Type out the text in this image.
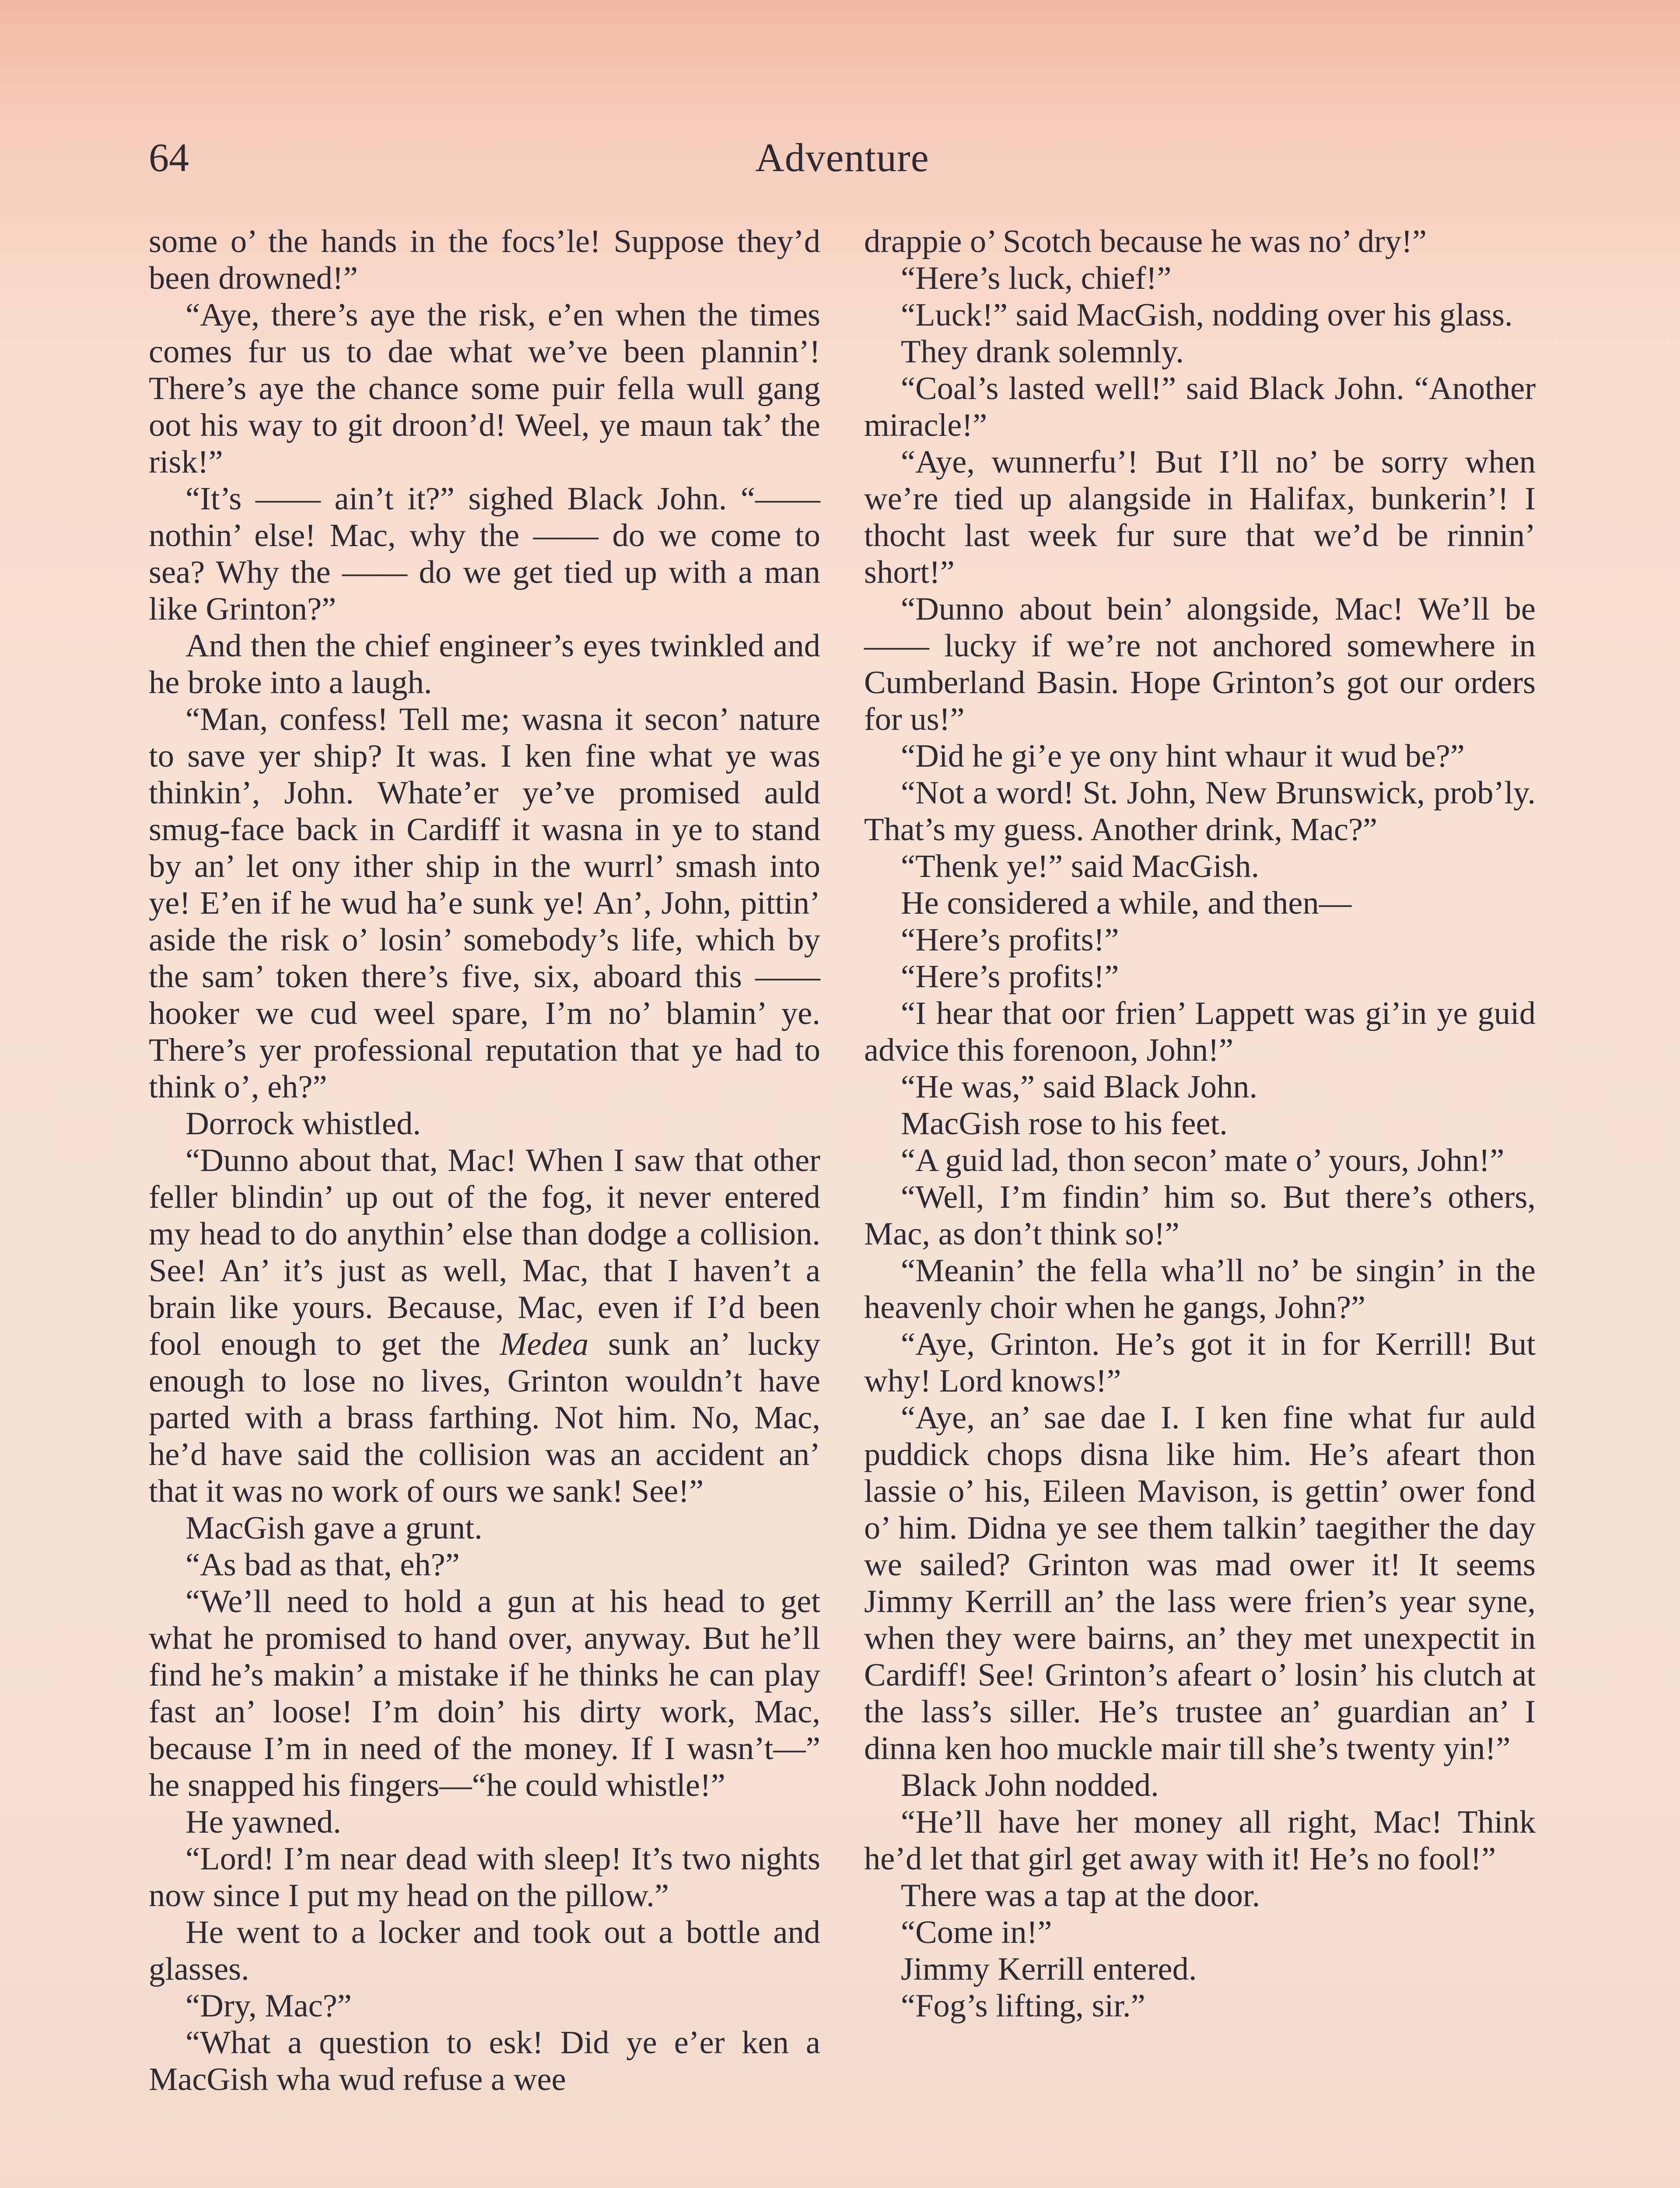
64	Adventure

some o’ the hands in the focs’le! Suppose they’d been drowned!”

“Aye, there’s aye the risk, e’en when the times comes fur us to dae what we’ve been plannin’! There’s aye the chance some puir fella wull gang oot his way to git droon’d! Weel, ye maun tak’ the risk!”

“It’s —— ain’t it?” sighed Black John. “—— nothin’ else! Mac, why the —— do we come to sea? Why the —— do we get tied up with a man like Grinton?”

And then the chief engineer’s eyes twinkled and he broke into a laugh.

“Man, confess! Tell me; wasna it secon’ nature to save yer ship? It was. I ken fine what ye was thinkin’, John. Whate’er ye’ve promised auld smug-face back in Cardiff it wasna in ye to stand by an’ let ony ither ship in the wurrl’ smash into ye! E’en if he wud ha’e sunk ye! An’, John, pittin’ aside the risk o’ losin’ somebody’s life, which by the sam’ token there’s five, six, aboard this —— hooker we cud weel spare, I’m no’ blamin’ ye. There’s yer professional reputation that ye had to think o’, eh?”

Dorrock whistled.

“Dunno about that, Mac! When I saw that other feller blindin’ up out of the fog, it never entered my head to do anythin’ else than dodge a collision. See! An’ it’s just as well, Mac, that I haven’t a brain like yours. Because, Mac, even if I’d been fool enough to get the Medea sunk an’ lucky enough to lose no lives, Grinton wouldn’t have parted with a brass farthing. Not him. No, Mac, he’d have said the collision was an accident an’ that it was no work of ours we sank! See!”

MacGish gave a grunt.

“As bad as that, eh?”

“We’ll need to hold a gun at his head to get what he promised to hand over, anyway. But he’ll find he’s makin’ a mistake if he thinks he can play fast an’ loose! I’m doin’ his dirty work, Mac, because I’m in need of the money. If I wasn’t—” he snapped his fingers—“he could whistle!”

He yawned.

“Lord! I’m near dead with sleep! It’s two nights now since I put my head on the pillow.”

He went to a locker and took out a bottle and glasses.

“Dry, Mac?”

“What a question to esk! Did ye e’er ken a MacGish wha wud refuse a wee

drappie o’ Scotch because he was no’ dry!”

“Here’s luck, chief!”

“Luck!” said MacGish, nodding over his glass.

They drank solemnly.

“Coal’s lasted well!” said Black John. “Another miracle!”

“Aye, wunnerfu’! But I’ll no’ be sorry when we’re tied up alangside in Halifax, bunkerin’! I thocht last week fur sure that we’d be rinnin’ short!”

“Dunno about bein’ alongside, Mac! We’ll be —— lucky if we’re not anchored somewhere in Cumberland Basin. Hope Grinton’s got our orders for us!”

“Did he gi’e ye ony hint whaur it wud be?”

“Not a word! St. John, New Brunswick, prob’ly. That’s my guess. Another drink, Mac?”

“Thenk ye!” said MacGish.

He considered a while, and then—

“Here’s profits!”

“Here’s profits!”

“I hear that oor frien’ Lappett was gi’in ye guid advice this forenoon, John!”

“He was,” said Black John.

MacGish rose to his feet.

“A guid lad, thon secon’ mate o’ yours, John!”

“Well, I’m findin’ him so. But there’s others, Mac, as don’t think so!”

“Meanin’ the fella wha’ll no’ be singin’ in the heavenly choir when he gangs, John?”

“Aye, Grinton. He’s got it in for Kerrill! But why! Lord knows!”

“Aye, an’ sae dae I. I ken fine what fur auld puddick chops disna like him. He’s afeart thon lassie o’ his, Eileen Mavison, is gettin’ ower fond o’ him. Didna ye see them talkin’ taegither the day we sailed? Grinton was mad ower it! It seems Jimmy Kerrill an’ the lass were frien’s year syne, when they were bairns, an’ they met unexpectit in Cardiff! See! Grinton’s afeart o’ losin’ his clutch at the lass’s siller. He’s trustee an’ guardian an’ I dinna ken hoo muckle mair till she’s twenty yin!”

Black John nodded.

“He’ll have her money all right, Mac! Think he’d let that girl get away with it! He’s no fool!”

There was a tap at the door.

“Come in!”

Jimmy Kerrill entered.

“Fog’s lifting, sir.”
